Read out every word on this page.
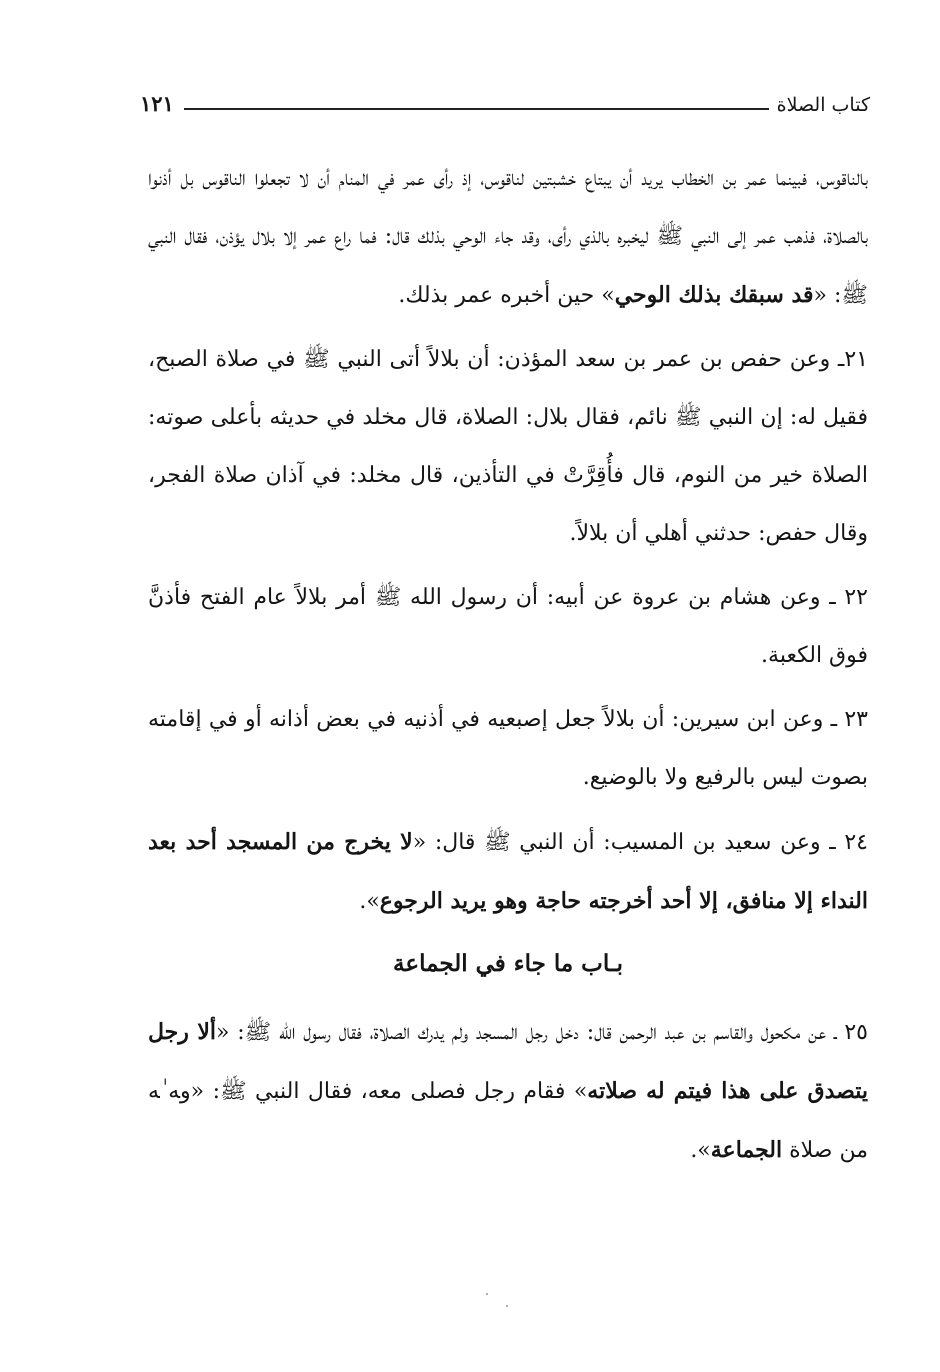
كتاب الصلاة
١٢١

بالناقوس، فبينما عمر بن الخطاب يريد أن يبتاع خشبتين لناقوس، إذ رأى عمر في المنام أن لا تجعلوا الناقوس بل أذنوا بالصلاة، فذهب عمر إلى النبي ﷺ ليخبره بالذي رأى، وقد جاء الوحي بذلك قال: فما راع عمر إلا بلال يؤذن، فقال النبي ﷺ: «قد سبقك بذلك الوحي» حين أخبره عمر بذلك.

٢١ـ وعن حفص بن عمر بن سعد المؤذن: أن بلالاً أتى النبي ﷺ في صلاة الصبح، فقيل له: إن النبي ﷺ نائم، فقال بلال: الصلاة، قال مخلد في حديثه بأعلى صوته: الصلاة خير من النوم، قال فأُقِرَّتْ في التأذين، قال مخلد: في آذان صلاة الفجر، وقال حفص: حدثني أهلي أن بلالاً.

٢٢ ـ وعن هشام بن عروة عن أبيه: أن رسول الله ﷺ أمر بلالاً عام الفتح فأذنَّ فوق الكعبة.

٢٣ ـ وعن ابن سيرين: أن بلالاً جعل إصبعيه في أذنيه في بعض أذانه أو في إقامته بصوت ليس بالرفيع ولا بالوضيع.

٢٤ ـ وعن سعيد بن المسيب: أن النبي ﷺ قال: «لا يخرج من المسجد أحد بعد النداء إلا منافق، إلا أحد أخرجته حاجة وهو يريد الرجوع».

بـاب ما جاء في الجماعة

٢٥ ـ عن مكحول والقاسم بن عبد الرحمن قال: دخل رجل المسجد ولم يدرك الصلاة، فقال رسول الله ﷺ: «ألا رجل يتصدق على هذا فيتم له صلاته» فقام رجل فصلى معه، فقال النبي ﷺ: «و‍ه ‌ٰ‍ه من صلاة الجماعة».
